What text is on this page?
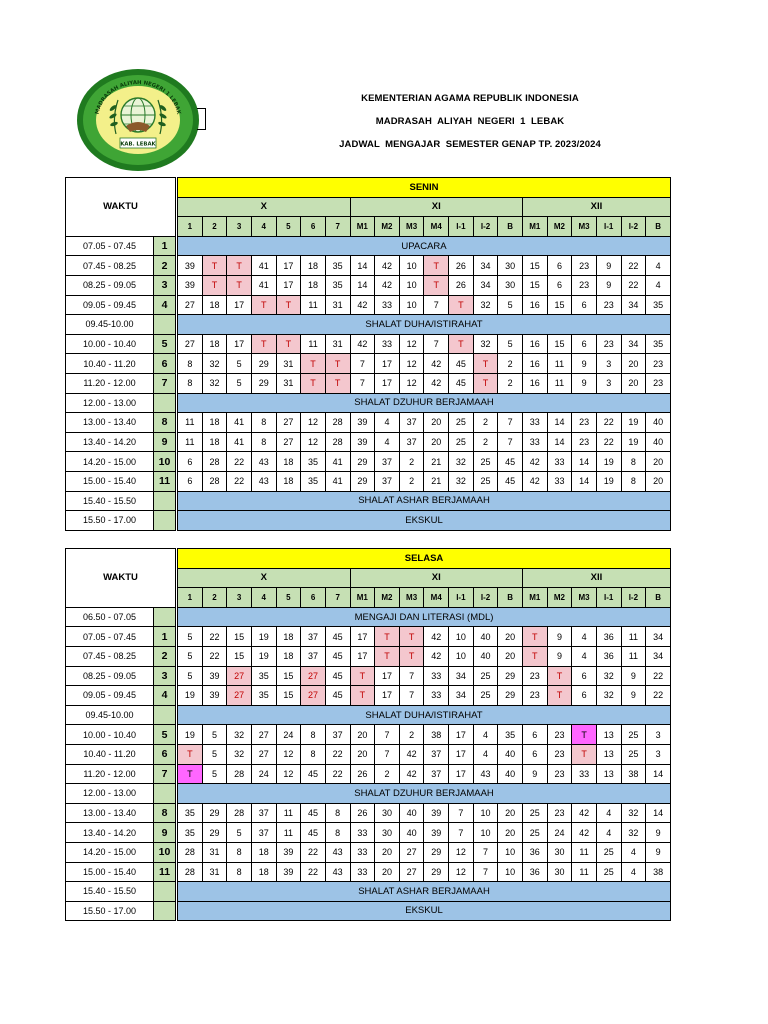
MADRASAH ALIYAH NEGERI 1 LEBAK
KAB. LEBAK
KEMENTERIAN AGAMA REPUBLIK INDONESIA
MADRASAH  ALIYAH  NEGERI  1  LEBAK
JADWAL  MENGAJAR  SEMESTER GENAP TP. 2023/2024
WAKTU			SENIN																			
			X							XI							XII					
			1	2	3	4	5	6	7	M1	M2	M3	M4	I-1	I-2	B	M1	M2	M3	I-1	I-2	B
07.05 - 07.45	1		UPACARA																			
07.45 - 08.25	2		39	T	T	41	17	18	35	14	42	10	T	26	34	30	15	6	23	9	22	4
08.25 - 09.05	3		39	T	T	41	17	18	35	14	42	10	T	26	34	30	15	6	23	9	22	4
09.05 - 09.45	4		27	18	17	T	T	11	31	42	33	10	7	T	32	5	16	15	6	23	34	35
09.45-10.00			SHALAT DUHA/ISTIRAHAT																			
10.00 - 10.40	5		27	18	17	T	T	11	31	42	33	12	7	T	32	5	16	15	6	23	34	35
10.40 - 11.20	6		8	32	5	29	31	T	T	7	17	12	42	45	T	2	16	11	9	3	20	23
11.20 - 12.00	7		8	32	5	29	31	T	T	7	17	12	42	45	T	2	16	11	9	3	20	23
12.00 - 13.00			SHALAT DZUHUR BERJAMAAH																			
13.00 - 13.40	8		11	18	41	8	27	12	28	39	4	37	20	25	2	7	33	14	23	22	19	40
13.40 - 14.20	9		11	18	41	8	27	12	28	39	4	37	20	25	2	7	33	14	23	22	19	40
14.20 - 15.00	10		6	28	22	43	18	35	41	29	37	2	21	32	25	45	42	33	14	19	8	20
15.00 - 15.40	11		6	28	22	43	18	35	41	29	37	2	21	32	25	45	42	33	14	19	8	20
15.40 - 15.50			SHALAT ASHAR BERJAMAAH																			
15.50 - 17.00			EKSKUL																			
WAKTU			SELASA																			
			X							XI							XII					
			1	2	3	4	5	6	7	M1	M2	M3	M4	I-1	I-2	B	M1	M2	M3	I-1	I-2	B
06.50 - 07.05			MENGAJI DAN LITERASI (MDL)																			
07.05 - 07.45	1		5	22	15	19	18	37	45	17	T	T	42	10	40	20	T	9	4	36	11	34
07.45 - 08.25	2		5	22	15	19	18	37	45	17	T	T	42	10	40	20	T	9	4	36	11	34
08.25 - 09.05	3		5	39	27	35	15	27	45	T	17	7	33	34	25	29	23	T	6	32	9	22
09.05 - 09.45	4		19	39	27	35	15	27	45	T	17	7	33	34	25	29	23	T	6	32	9	22
09.45-10.00			SHALAT DUHA/ISTIRAHAT																			
10.00 - 10.40	5		19	5	32	27	24	8	37	20	7	2	38	17	4	35	6	23	T	13	25	3
10.40 - 11.20	6		T	5	32	27	12	8	22	20	7	42	37	17	4	40	6	23	T	13	25	3
11.20 - 12.00	7		T	5	28	24	12	45	22	26	2	42	37	17	43	40	9	23	33	13	38	14
12.00 - 13.00			SHALAT DZUHUR BERJAMAAH																			
13.00 - 13.40	8		35	29	28	37	11	45	8	26	30	40	39	7	10	20	25	23	42	4	32	14
13.40 - 14.20	9		35	29	5	37	11	45	8	33	30	40	39	7	10	20	25	24	42	4	32	9
14.20 - 15.00	10		28	31	8	18	39	22	43	33	20	27	29	12	7	10	36	30	11	25	4	9
15.00 - 15.40	11		28	31	8	18	39	22	43	33	20	27	29	12	7	10	36	30	11	25	4	38
15.40 - 15.50			SHALAT ASHAR BERJAMAAH																			
15.50 - 17.00			EKSKUL																			
